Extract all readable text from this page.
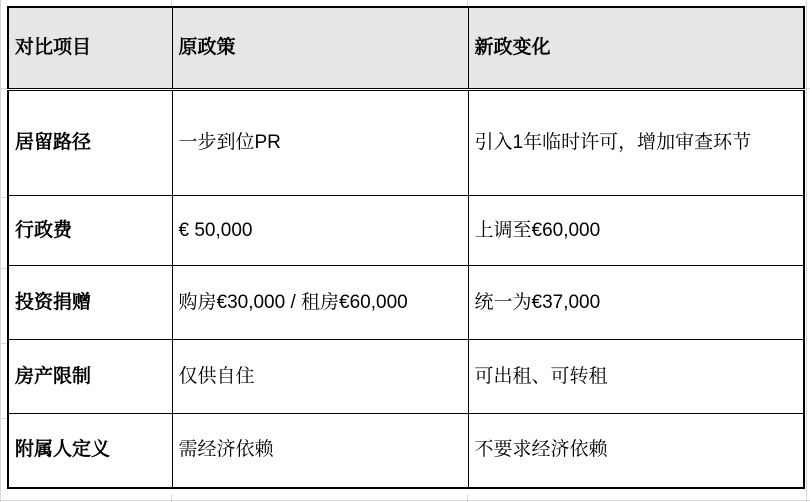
对比项目	原政策	新政变化
居留路径	一步到位PR	引入1年临时许可，增加审查环节
行政费	€ 50,000	上调至€60,000
投资捐赠	购房€30,000 / 租房€60,000	统一为€37,000
房产限制	仅供自住	可出租、可转租
附属人定义	需经济依赖	不要求经济依赖
